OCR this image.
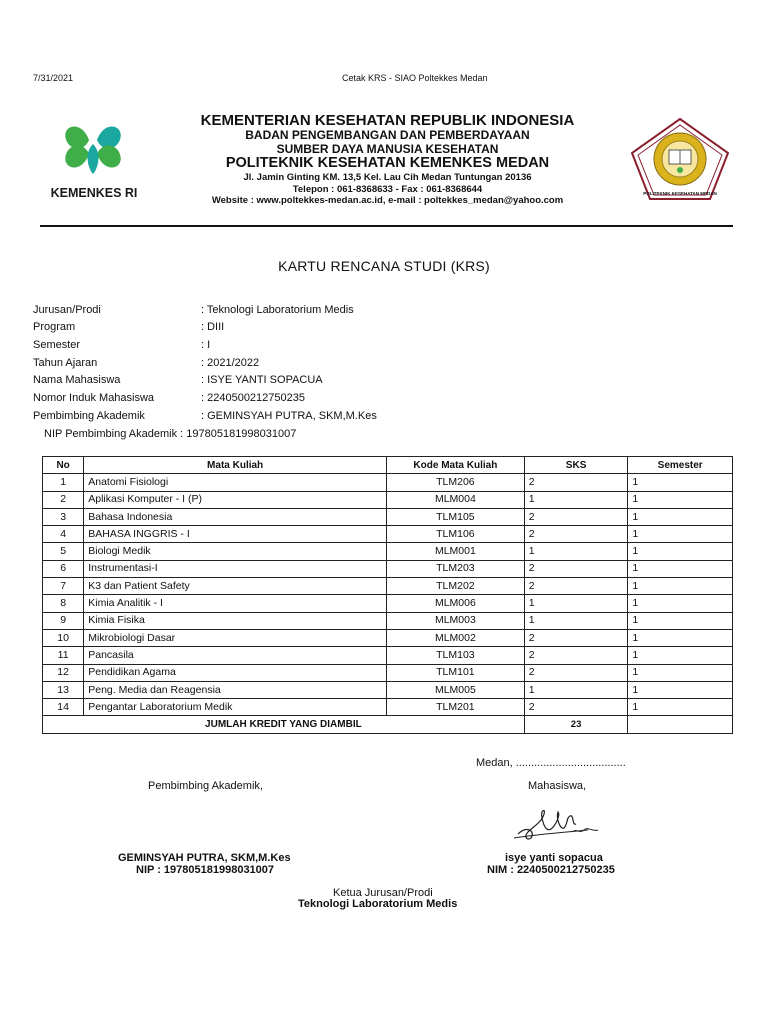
7/31/2021	Cetak KRS - SIAO Poltekkes Medan
KEMENKES RI
KEMENTERIAN KESEHATAN REPUBLIK INDONESIA
BADAN PENGEMBANGAN DAN PEMBERDAYAAN
SUMBER DAYA MANUSIA KESEHATAN
POLITEKNIK KESEHATAN KEMENKES MEDAN
Jl. Jamin Ginting KM. 13,5 Kel. Lau Cih Medan Tuntungan 20136
Telepon : 061-8368633 - Fax : 061-8368644
Website : www.poltekkes-medan.ac.id, e-mail : poltekkes_medan@yahoo.com
POLITEKNIK KESEHATAN MEDAN
KARTU RENCANA STUDI (KRS)
Jurusan/Prodi	: Teknologi Laboratorium Medis
Program	: DIII
Semester	: I
Tahun Ajaran	: 2021/2022
Nama Mahasiswa	: ISYE YANTI SOPACUA
Nomor Induk Mahasiswa	: 2240500212750235
Pembimbing Akademik	: GEMINSYAH PUTRA, SKM,M.Kes
NIP Pembimbing Akademik : 197805181998031007
No	Mata Kuliah	Kode Mata Kuliah	SKS	Semester
1	Anatomi Fisiologi	TLM206	2	1
2	Aplikasi Komputer - I (P)	MLM004	1	1
3	Bahasa Indonesia	TLM105	2	1
4	BAHASA INGGRIS - I	TLM106	2	1
5	Biologi Medik	MLM001	1	1
6	Instrumentasi-I	TLM203	2	1
7	K3 dan Patient Safety	TLM202	2	1
8	Kimia Analitik - I	MLM006	1	1
9	Kimia Fisika	MLM003	1	1
10	Mikrobiologi Dasar	MLM002	2	1
11	Pancasila	TLM103	2	1
12	Pendidikan Agama	TLM101	2	1
13	Peng. Media dan Reagensia	MLM005	1	1
14	Pengantar Laboratorium Medik	TLM201	2	1
JUMLAH KREDIT YANG DIAMBIL			23	
Medan, ....................................
Pembimbing Akademik,	Mahasiswa,
GEMINSYAH PUTRA, SKM,M.Kes
NIP : 197805181998031007
isye yanti sopacua
NIM : 2240500212750235
Ketua Jurusan/Prodi
Teknologi Laboratorium Medis
